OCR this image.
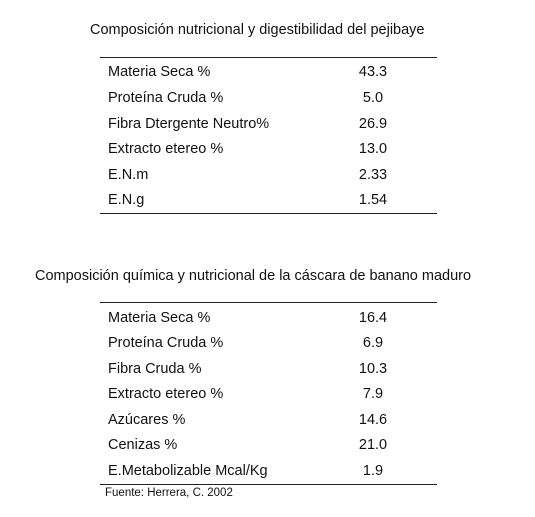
Composición nutricional y digestibilidad del pejibaye
Materia Seca %	43.3
Proteína Cruda %	5.0
Fibra Dtergente Neutro%	26.9
Extracto etereo %	13.0
E.N.m	2.33
E.N.g	1.54
Composición química y nutricional de la cáscara de banano maduro
Materia Seca %	16.4
Proteína Cruda %	6.9
Fibra Cruda %	10.3
Extracto etereo %	7.9
Azúcares %	14.6
Cenizas %	21.0
E.Metabolizable Mcal/Kg	1.9
Fuente: Herrera, C. 2002
